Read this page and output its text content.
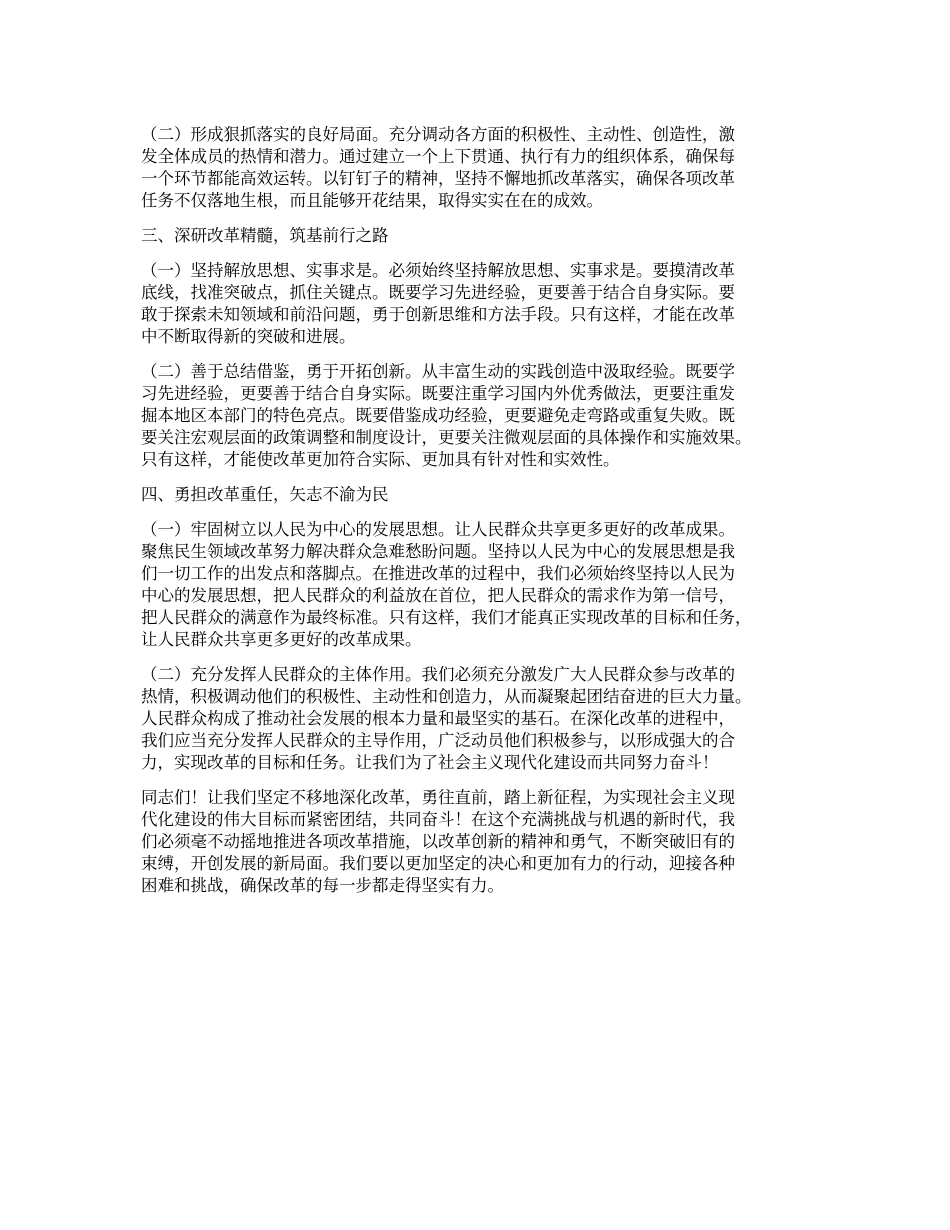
（二）形成狠抓落实的良好局面。充分调动各方面的积极性、主动性、创造性，激
发全体成员的热情和潜力。通过建立一个上下贯通、执行有力的组织体系，确保每
一个环节都能高效运转。以钉钉子的精神，坚持不懈地抓改革落实，确保各项改革
任务不仅落地生根，而且能够开花结果，取得实实在在的成效。
三、深研改革精髓，筑基前行之路
（一）坚持解放思想、实事求是。必须始终坚持解放思想、实事求是。要摸清改革
底线，找准突破点，抓住关键点。既要学习先进经验，更要善于结合自身实际。要
敢于探索未知领域和前沿问题，勇于创新思维和方法手段。只有这样，才能在改革
中不断取得新的突破和进展。
（二）善于总结借鉴，勇于开拓创新。从丰富生动的实践创造中汲取经验。既要学
习先进经验，更要善于结合自身实际。既要注重学习国内外优秀做法，更要注重发
掘本地区本部门的特色亮点。既要借鉴成功经验，更要避免走弯路或重复失败。既
要关注宏观层面的政策调整和制度设计，更要关注微观层面的具体操作和实施效果。
只有这样，才能使改革更加符合实际、更加具有针对性和实效性。
四、勇担改革重任，矢志不渝为民
（一）牢固树立以人民为中心的发展思想。让人民群众共享更多更好的改革成果。
聚焦民生领域改革努力解决群众急难愁盼问题。坚持以人民为中心的发展思想是我
们一切工作的出发点和落脚点。在推进改革的过程中，我们必须始终坚持以人民为
中心的发展思想，把人民群众的利益放在首位，把人民群众的需求作为第一信号，
把人民群众的满意作为最终标准。只有这样，我们才能真正实现改革的目标和任务，
让人民群众共享更多更好的改革成果。
（二）充分发挥人民群众的主体作用。我们必须充分激发广大人民群众参与改革的
热情，积极调动他们的积极性、主动性和创造力，从而凝聚起团结奋进的巨大力量。
人民群众构成了推动社会发展的根本力量和最坚实的基石。在深化改革的进程中，
我们应当充分发挥人民群众的主导作用，广泛动员他们积极参与，以形成强大的合
力，实现改革的目标和任务。让我们为了社会主义现代化建设而共同努力奋斗！
同志们！让我们坚定不移地深化改革，勇往直前，踏上新征程，为实现社会主义现
代化建设的伟大目标而紧密团结，共同奋斗！在这个充满挑战与机遇的新时代，我
们必须毫不动摇地推进各项改革措施，以改革创新的精神和勇气，不断突破旧有的
束缚，开创发展的新局面。我们要以更加坚定的决心和更加有力的行动，迎接各种
困难和挑战，确保改革的每一步都走得坚实有力。
